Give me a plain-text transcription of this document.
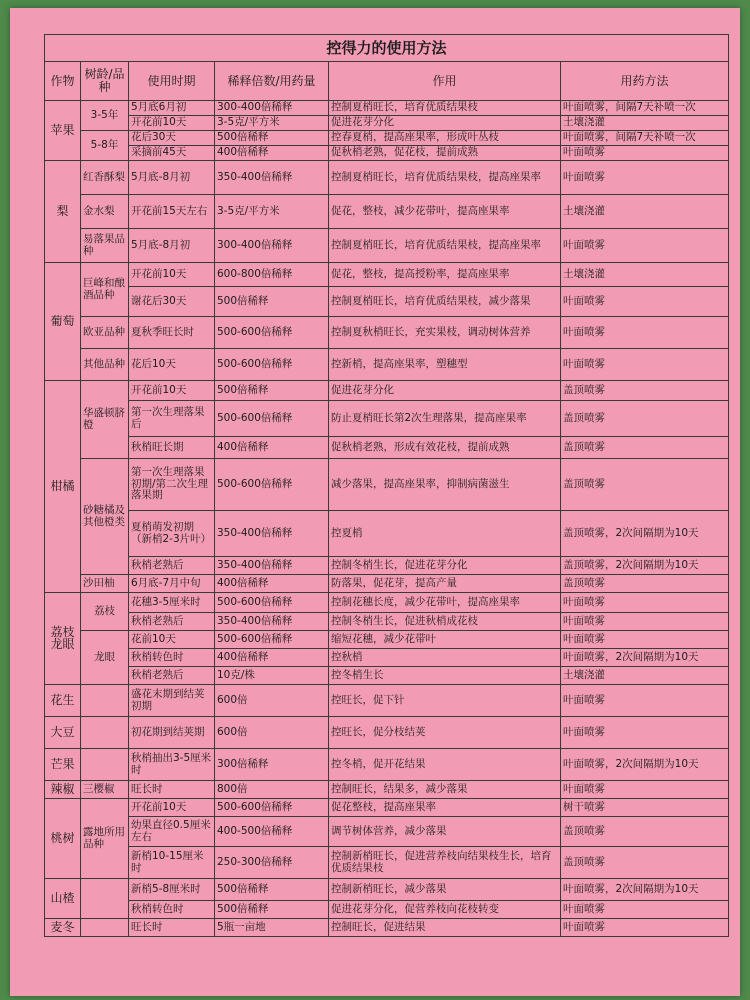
控得力的使用方法
作物	树龄/品种	使用时期	稀释倍数/用药量	作用	用药方法
苹果	3-5年	5月底6月初	300-400倍稀释	控制夏梢旺长，培育优质结果枝	叶面喷雾，间隔7天补喷一次
		开花前10天	3-5克/平方米	促进花芽分化	土壤浇灌
	5-8年	花后30天	500倍稀释	控春夏梢，提高座果率，形成叶丛枝	叶面喷雾，间隔7天补喷一次
		采摘前45天	400倍稀释	促秋梢老熟，促花枝，提前成熟	叶面喷雾
梨	红香酥梨	5月底-8月初	350-400倍稀释	控制夏梢旺长，培育优质结果枝，提高座果率	叶面喷雾
	金水梨	开花前15天左右	3-5克/平方米	促花，整枝，减少花带叶，提高座果率	土壤浇灌
	易落果品种	5月底-8月初	300-400倍稀释	控制夏梢旺长，培育优质结果枝，提高座果率	叶面喷雾
葡萄	巨峰和酿酒品种	开花前10天	600-800倍稀释	促花，整枝，提高授粉率，提高座果率	土壤浇灌
		谢花后30天	500倍稀释	控制夏梢旺长，培育优质结果枝，减少落果	叶面喷雾
	欧亚品种	夏秋季旺长时	500-600倍稀释	控制夏秋梢旺长，充实果枝，调动树体营养	叶面喷雾
	其他品种	花后10天	500-600倍稀释	控新梢，提高座果率，塑穗型	叶面喷雾
柑橘	华盛顿脐橙	开花前10天	500倍稀释	促进花芽分化	盖顶喷雾
		第一次生理落果后	500-600倍稀释	防止夏梢旺长第2次生理落果，提高座果率	盖顶喷雾
		秋梢旺长期	400倍稀释	促秋梢老熟，形成有效花枝，提前成熟	盖顶喷雾
	砂糖橘及其他橙类	第一次生理落果初期/第二次生理落果期	500-600倍稀释	减少落果，提高座果率，抑制病菌滋生	盖顶喷雾
		夏梢萌发初期（新梢2-3片叶）	350-400倍稀释	控夏梢	盖顶喷雾，2次间隔期为10天
		秋梢老熟后	350-400倍稀释	控制冬梢生长，促进花芽分化	盖顶喷雾，2次间隔期为10天
	沙田柚	6月底-7月中旬	400倍稀释	防落果，促花芽，提高产量	盖顶喷雾
荔枝龙眼	荔枝	花穗3-5厘米时	500-600倍稀释	控制花穗长度，减少花带叶，提高座果率	叶面喷雾
		秋梢老熟后	350-400倍稀释	控制冬梢生长，促进秋梢成花枝	叶面喷雾
	龙眼	花前10天	500-600倍稀释	缩短花穗，减少花带叶	叶面喷雾
		秋梢转色时	400倍稀释	控秋梢	叶面喷雾，2次间隔期为10天
		秋梢老熟后	10克/株	控冬梢生长	土壤浇灌
花生		盛花末期到结荚初期	600倍	控旺长，促下针	叶面喷雾
大豆		初花期到结荚期	600倍	控旺长，促分枝结荚	叶面喷雾
芒果		秋梢抽出3-5厘米时	300倍稀释	控冬梢，促开花结果	叶面喷雾，2次间隔期为10天
辣椒	三樱椒	旺长时	800倍	控制旺长，结果多，减少落果	叶面喷雾
桃树	露地所用品种	开花前10天	500-600倍稀释	促花整枝，提高座果率	树干喷雾
		幼果直径0.5厘米左右	400-500倍稀释	调节树体营养，减少落果	盖顶喷雾
		新梢10-15厘米时	250-300倍稀释	控制新梢旺长，促进营养枝向结果枝生长，培育优质结果枝	盖顶喷雾
山楂		新梢5-8厘米时	500倍稀释	控制新梢旺长，减少落果	叶面喷雾，2次间隔期为10天
		秋梢转色时	500倍稀释	促进花芽分化，促营养枝向花枝转变	叶面喷雾
麦冬		旺长时	5瓶一亩地	控制旺长，促进结果	叶面喷雾
